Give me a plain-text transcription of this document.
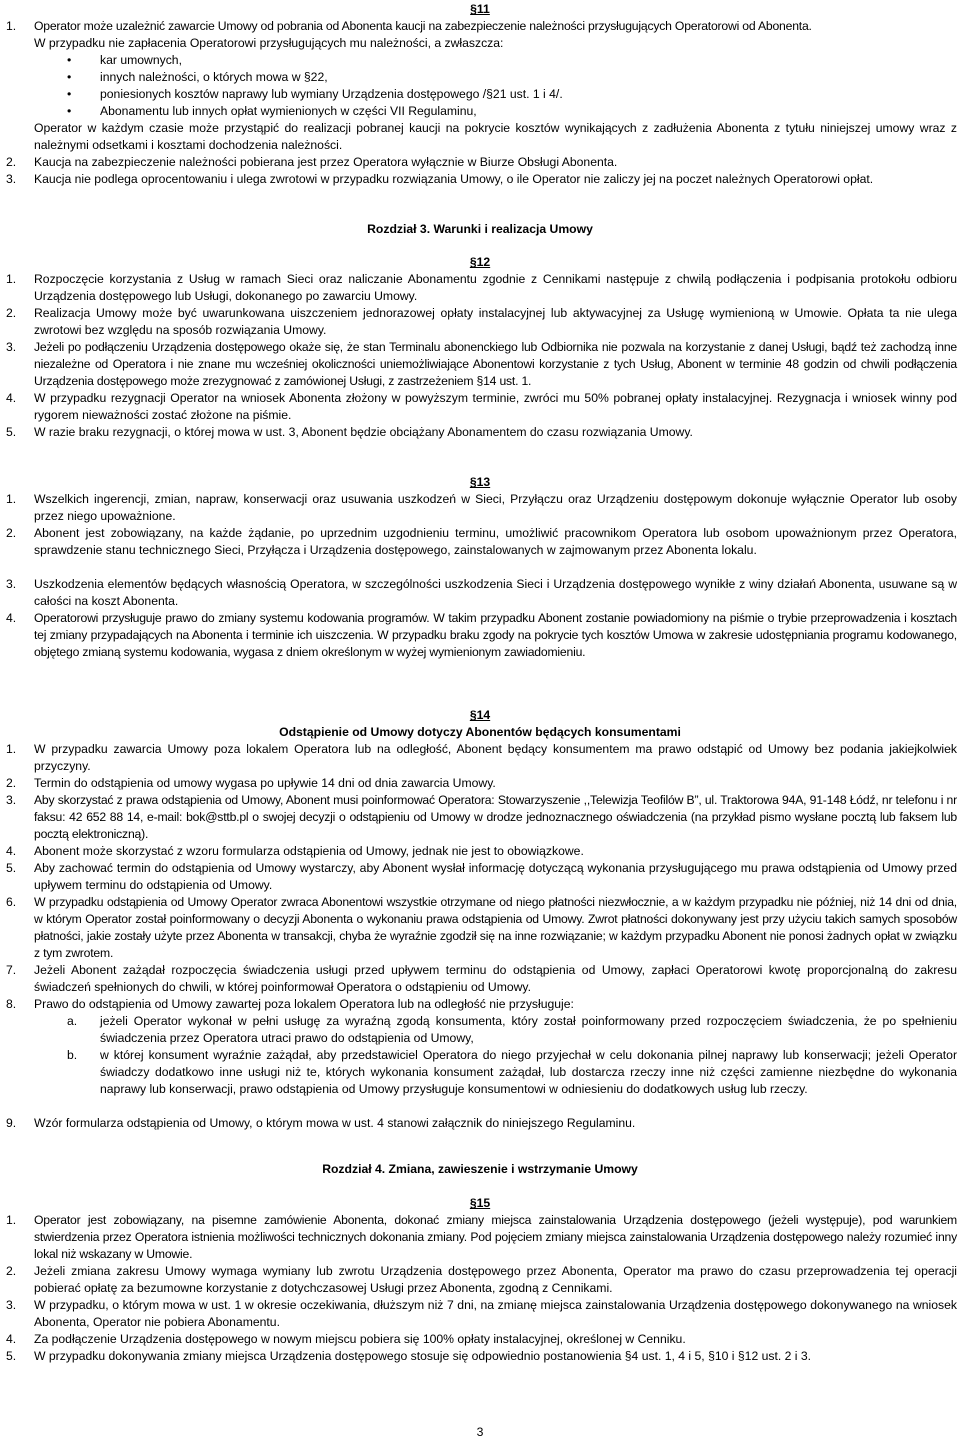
§11
1. Operator może uzależnić zawarcie Umowy od pobrania od Abonenta kaucji na zabezpieczenie należności przysługujących Operatorowi od Abonenta.
W przypadku nie zapłacenia Operatorowi przysługujących mu należności, a zwłaszcza:
• kar umownych,
• innych należności, o których mowa w §22,
• poniesionych kosztów naprawy lub wymiany Urządzenia dostępowego /§21 ust. 1 i 4/.
• Abonamentu lub innych opłat wymienionych w części VII Regulaminu,
Operator w każdym czasie może przystąpić do realizacji pobranej kaucji na pokrycie kosztów wynikających z zadłużenia Abonenta z tytułu niniejszej umowy wraz z należnymi odsetkami i kosztami dochodzenia należności.
2. Kaucja na zabezpieczenie należności pobierana jest przez Operatora wyłącznie w Biurze Obsługi Abonenta.
3. Kaucja nie podlega oprocentowaniu i ulega zwrotowi w przypadku rozwiązania Umowy, o ile Operator nie zaliczy jej na poczet należnych Operatorowi opłat.
Rozdział 3. Warunki i realizacja Umowy
§12
1. Rozpoczęcie korzystania z Usług w ramach Sieci oraz naliczanie Abonamentu zgodnie z Cennikami następuje z chwilą podłączenia i podpisania protokołu odbioru Urządzenia dostępowego lub Usługi, dokonanego po zawarciu Umowy.
2. Realizacja Umowy może być uwarunkowana uiszczeniem jednorazowej opłaty instalacyjnej lub aktywacyjnej za Usługę wymienioną w Umowie. Opłata ta nie ulega zwrotowi bez względu na sposób rozwiązania Umowy.
3. Jeżeli po podłączeniu Urządzenia dostępowego okaże się, że stan Terminalu abonenckiego lub Odbiornika nie pozwala na korzystanie z danej Usługi, bądź też zachodzą inne niezależne od Operatora i nie znane mu wcześniej okoliczności uniemożliwiające Abonentowi korzystanie z tych Usług, Abonent w terminie 48 godzin od chwili podłączenia Urządzenia dostępowego może zrezygnować z zamówionej Usługi, z zastrzeżeniem §14 ust. 1.
4. W przypadku rezygnacji Operator na wniosek Abonenta złożony w powyższym terminie, zwróci mu 50% pobranej opłaty instalacyjnej. Rezygnacja i wniosek winny pod rygorem nieważności zostać złożone na piśmie.
5. W razie braku rezygnacji, o której mowa w ust. 3, Abonent będzie obciążany Abonamentem do czasu rozwiązania Umowy.
§13
1. Wszelkich ingerencji, zmian, napraw, konserwacji oraz usuwania uszkodzeń w Sieci, Przyłączu oraz Urządzeniu dostępowym dokonuje wyłącznie Operator lub osoby przez niego upoważnione.
2. Abonent jest zobowiązany, na każde żądanie, po uprzednim uzgodnieniu terminu, umożliwić pracownikom Operatora lub osobom upoważnionym przez Operatora, sprawdzenie stanu technicznego Sieci, Przyłącza i Urządzenia dostępowego, zainstalowanych w zajmowanym przez Abonenta lokalu.
3. Uszkodzenia elementów będących własnością Operatora, w szczególności uszkodzenia Sieci i Urządzenia dostępowego wynikłe z winy działań Abonenta, usuwane są w całości na koszt Abonenta.
4. Operatorowi przysługuje prawo do zmiany systemu kodowania programów. W takim przypadku Abonent zostanie powiadomiony na piśmie o trybie przeprowadzenia i kosztach tej zmiany przypadających na Abonenta i terminie ich uiszczenia. W przypadku braku zgody na pokrycie tych kosztów Umowa w zakresie udostępniania programu kodowanego, objętego zmianą systemu kodowania, wygasa z dniem określonym w wyżej wymienionym zawiadomieniu.
§14
Odstąpienie od Umowy dotyczy Abonentów będących konsumentami
1. W przypadku zawarcia Umowy poza lokalem Operatora lub na odległość, Abonent będący konsumentem ma prawo odstąpić od Umowy bez podania jakiejkolwiek przyczyny.
2. Termin do odstąpienia od umowy wygasa po upływie 14 dni od dnia zawarcia Umowy.
3. Aby skorzystać z prawa odstąpienia od Umowy, Abonent musi poinformować Operatora: Stowarzyszenie ,,Telewizja Teofilów B”, ul. Traktorowa 94A, 91-148 Łódź, nr telefonu i nr faksu: 42 652 88 14, e-mail: bok@sttb.pl o swojej decyzji o odstąpieniu od Umowy w drodze jednoznacznego oświadczenia (na przykład pismo wysłane pocztą lub faksem lub pocztą elektroniczną).
4. Abonent może skorzystać z wzoru formularza odstąpienia od Umowy, jednak nie jest to obowiązkowe.
5. Aby zachować termin do odstąpienia od Umowy wystarczy, aby Abonent wysłał informację dotyczącą wykonania przysługującego mu prawa odstąpienia od Umowy przed upływem terminu do odstąpienia od Umowy.
6. W przypadku odstąpienia od Umowy Operator zwraca Abonentowi wszystkie otrzymane od niego płatności niezwłocznie, a w każdym przypadku nie później, niż 14 dni od dnia, w którym Operator został poinformowany o decyzji Abonenta o wykonaniu prawa odstąpienia od Umowy. Zwrot płatności dokonywany jest przy użyciu takich samych sposobów płatności, jakie zostały użyte przez Abonenta w transakcji, chyba że wyraźnie zgodził się na inne rozwiązanie; w każdym przypadku Abonent nie ponosi żadnych opłat w związku z tym zwrotem.
7. Jeżeli Abonent zażądał rozpoczęcia świadczenia usługi przed upływem terminu do odstąpienia od Umowy, zapłaci Operatorowi kwotę proporcjonalną do zakresu świadczeń spełnionych do chwili, w której poinformował Operatora o odstąpieniu od Umowy.
8. Prawo do odstąpienia od Umowy zawartej poza lokalem Operatora lub na odległość nie przysługuje:
a. jeżeli Operator wykonał w pełni usługę za wyraźną zgodą konsumenta, który został poinformowany przed rozpoczęciem świadczenia, że po spełnieniu świadczenia przez Operatora utraci prawo do odstąpienia od Umowy,
b. w której konsument wyraźnie zażądał, aby przedstawiciel Operatora do niego przyjechał w celu dokonania pilnej naprawy lub konserwacji; jeżeli Operator świadczy dodatkowo inne usługi niż te, których wykonania konsument zażądał, lub dostarcza rzeczy inne niż części zamienne niezbędne do wykonania naprawy lub konserwacji, prawo odstąpienia od Umowy przysługuje konsumentowi w odniesieniu do dodatkowych usług lub rzeczy.
9. Wzór formularza odstąpienia od Umowy, o którym mowa w ust. 4 stanowi załącznik do niniejszego Regulaminu.
Rozdział 4. Zmiana, zawieszenie i wstrzymanie Umowy
§15
1. Operator jest zobowiązany, na pisemne zamówienie Abonenta, dokonać zmiany miejsca zainstalowania Urządzenia dostępowego (jeżeli występuje), pod warunkiem stwierdzenia przez Operatora istnienia możliwości technicznych dokonania zmiany. Pod pojęciem zmiany miejsca zainstalowania Urządzenia dostępowego należy rozumieć inny lokal niż wskazany w Umowie.
2. Jeżeli zmiana zakresu Umowy wymaga wymiany lub zwrotu Urządzenia dostępowego przez Abonenta, Operator ma prawo do czasu przeprowadzenia tej operacji pobierać opłatę za bezumowne korzystanie z dotychczasowej Usługi przez Abonenta, zgodną z Cennikami.
3. W przypadku, o którym mowa w ust. 1 w okresie oczekiwania, dłuższym niż 7 dni, na zmianę miejsca zainstalowania Urządzenia dostępowego dokonywanego na wniosek Abonenta, Operator nie pobiera Abonamentu.
4. Za podłączenie Urządzenia dostępowego w nowym miejscu pobiera się 100% opłaty instalacyjnej, określonej w Cenniku.
5. W przypadku dokonywania zmiany miejsca Urządzenia dostępowego stosuje się odpowiednio postanowienia §4 ust. 1, 4 i 5, §10 i §12 ust. 2 i 3.
3
